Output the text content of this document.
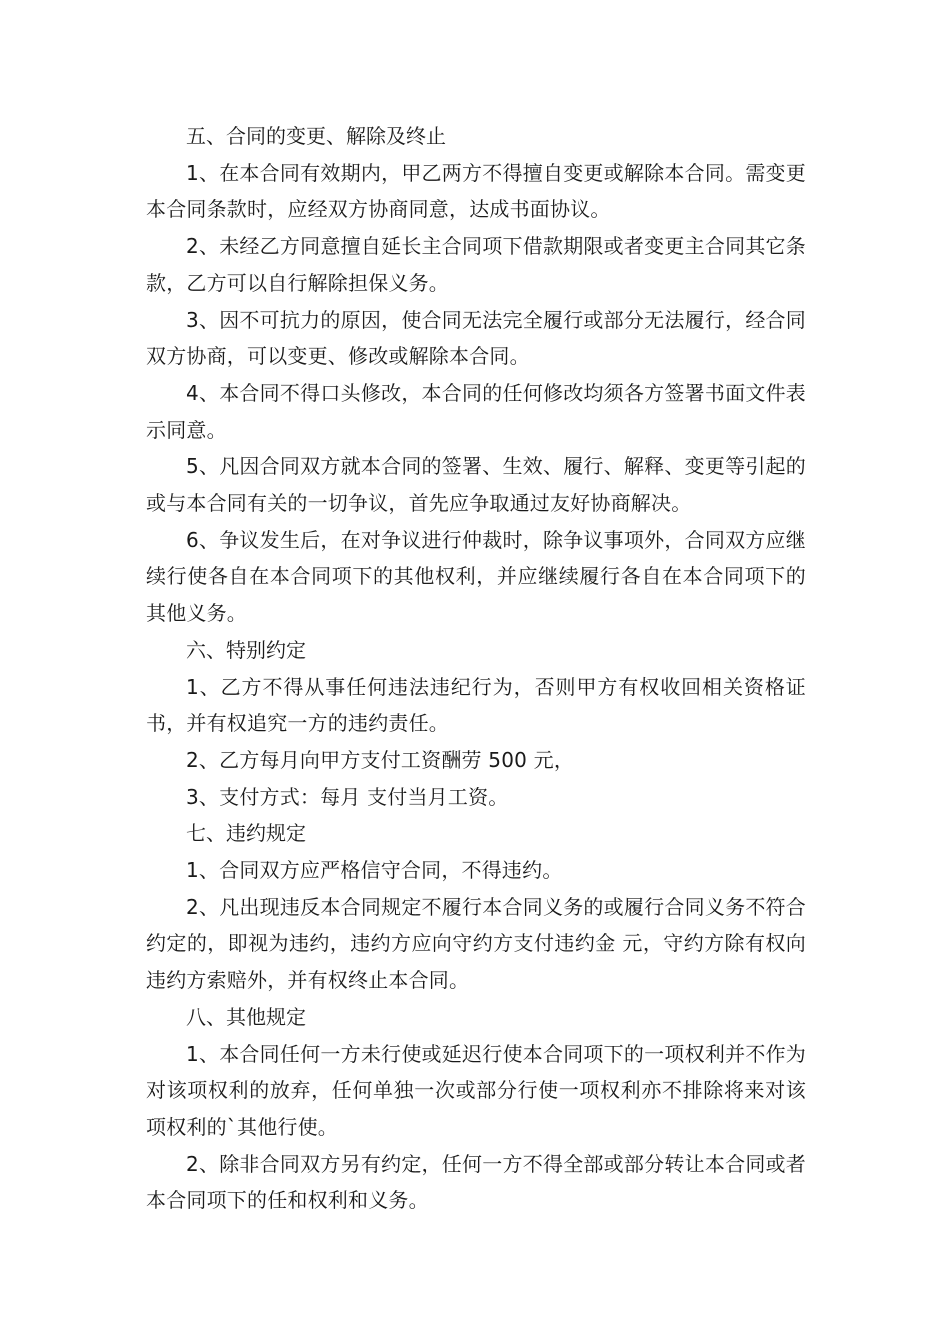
五、合同的变更、解除及终止

1、在本合同有效期内，甲乙两方不得擅自变更或解除本合同。需变更本合同条款时，应经双方协商同意，达成书面协议。

2、未经乙方同意擅自延长主合同项下借款期限或者变更主合同其它条款，乙方可以自行解除担保义务。

3、因不可抗力的原因，使合同无法完全履行或部分无法履行，经合同双方协商，可以变更、修改或解除本合同。

4、本合同不得口头修改，本合同的任何修改均须各方签署书面文件表示同意。

5、凡因合同双方就本合同的签署、生效、履行、解释、变更等引起的或与本合同有关的一切争议，首先应争取通过友好协商解决。

6、争议发生后，在对争议进行仲裁时，除争议事项外，合同双方应继续行使各自在本合同项下的其他权利，并应继续履行各自在本合同项下的其他义务。

六、特别约定

1、乙方不得从事任何违法违纪行为，否则甲方有权收回相关资格证书，并有权追究一方的违约责任。

2、乙方每月向甲方支付工资酬劳 500 元，

3、支付方式：每月 支付当月工资。

七、违约规定

1、合同双方应严格信守合同，不得违约。

2、凡出现违反本合同规定不履行本合同义务的或履行合同义务不符合约定的，即视为违约，违约方应向守约方支付违约金 元，守约方除有权向违约方索赔外，并有权终止本合同。

八、其他规定

1、本合同任何一方未行使或延迟行使本合同项下的一项权利并不作为对该项权利的放弃，任何单独一次或部分行使一项权利亦不排除将来对该项权利的`其他行使。

2、除非合同双方另有约定，任何一方不得全部或部分转让本合同或者本合同项下的任和权利和义务。
